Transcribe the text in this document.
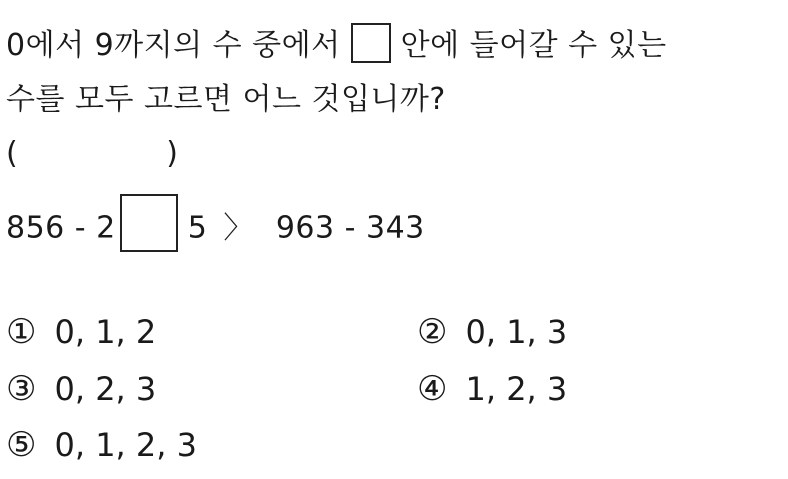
0에서 9까지의 수 중에서 안에 들어갈 수 있는
수를 모두 고르면 어느 것입니까?
(	)
856 - 2 5 〉 963 - 343
① 0, 1, 2	② 0, 1, 3
③ 0, 2, 3	④ 1, 2, 3
⑤ 0, 1, 2, 3
